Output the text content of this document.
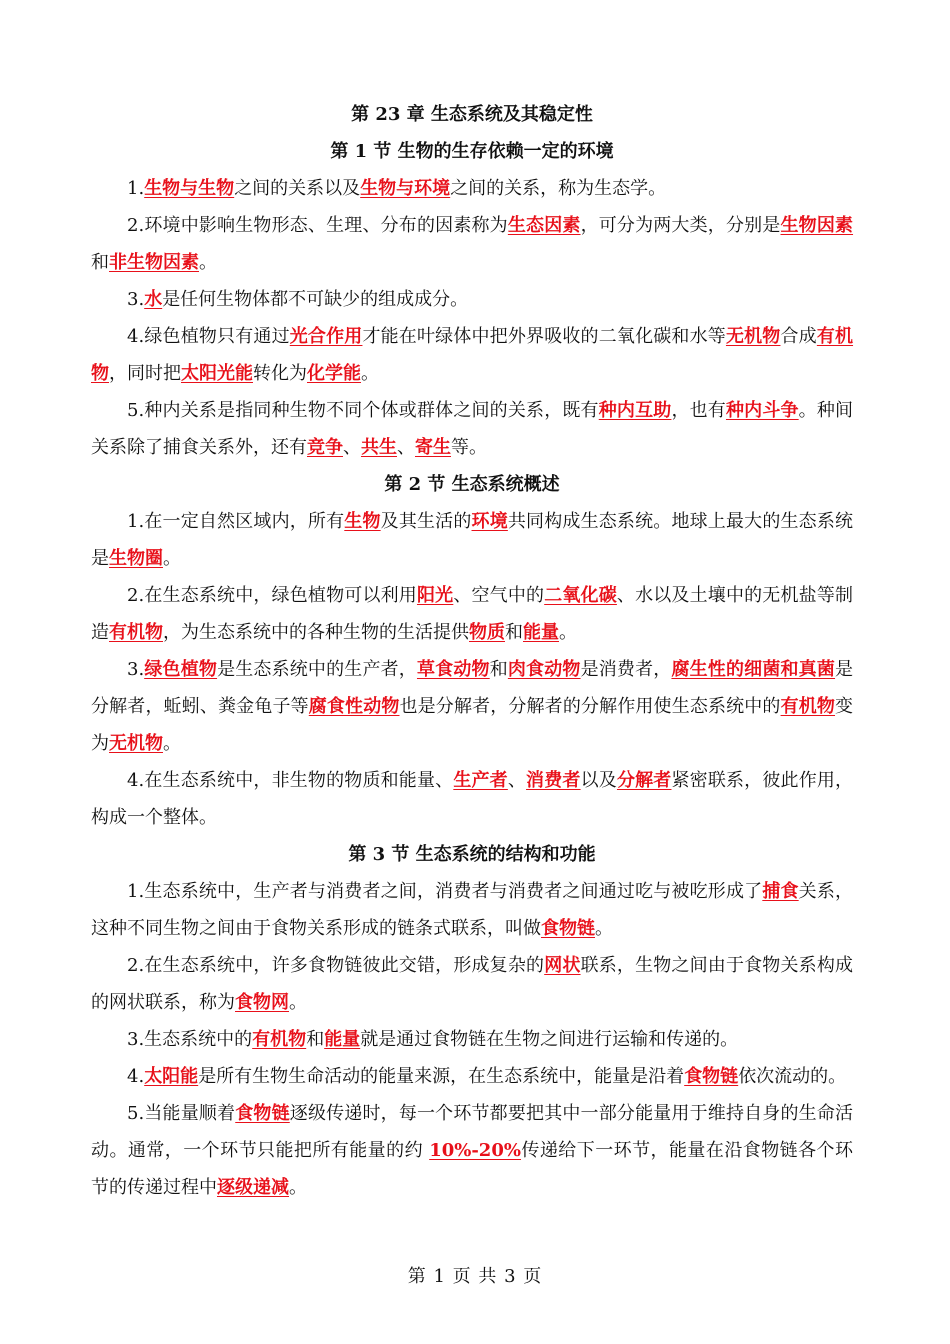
第 23 章 生态系统及其稳定性
第 1 节 生物的生存依赖一定的环境

1.生物与生物之间的关系以及生物与环境之间的关系，称为生态学。

2.环境中影响生物形态、生理、分布的因素称为生态因素，可分为两大类，分别是生物因素和非生物因素。

3.水是任何生物体都不可缺少的组成成分。

4.绿色植物只有通过光合作用才能在叶绿体中把外界吸收的二氧化碳和水等无机物合成有机物，同时把太阳光能转化为化学能。

5.种内关系是指同种生物不同个体或群体之间的关系，既有种内互助，也有种内斗争。种间关系除了捕食关系外，还有竞争、共生、寄生等。

第 2 节 生态系统概述

1.在一定自然区域内，所有生物及其生活的环境共同构成生态系统。地球上最大的生态系统是生物圈。

2.在生态系统中，绿色植物可以利用阳光、空气中的二氧化碳、水以及土壤中的无机盐等制造有机物，为生态系统中的各种生物的生活提供物质和能量。

3.绿色植物是生态系统中的生产者，草食动物和肉食动物是消费者，腐生性的细菌和真菌是分解者，蚯蚓、粪金龟子等腐食性动物也是分解者，分解者的分解作用使生态系统中的有机物变为无机物。

4.在生态系统中，非生物的物质和能量、生产者、消费者以及分解者紧密联系，彼此作用，构成一个整体。

第 3 节 生态系统的结构和功能

1.生态系统中，生产者与消费者之间，消费者与消费者之间通过吃与被吃形成了捕食关系，这种不同生物之间由于食物关系形成的链条式联系，叫做食物链。

2.在生态系统中，许多食物链彼此交错，形成复杂的网状联系，生物之间由于食物关系构成的网状联系，称为食物网。

3.生态系统中的有机物和能量就是通过食物链在生物之间进行运输和传递的。

4.太阳能是所有生物生命活动的能量来源，在生态系统中，能量是沿着食物链依次流动的。

5.当能量顺着食物链逐级传递时，每一个环节都要把其中一部分能量用于维持自身的生命活动。通常，一个环节只能把所有能量的约 10%-20%传递给下一环节，能量在沿食物链各个环节的传递过程中逐级递减。

第 1 页 共 3 页
